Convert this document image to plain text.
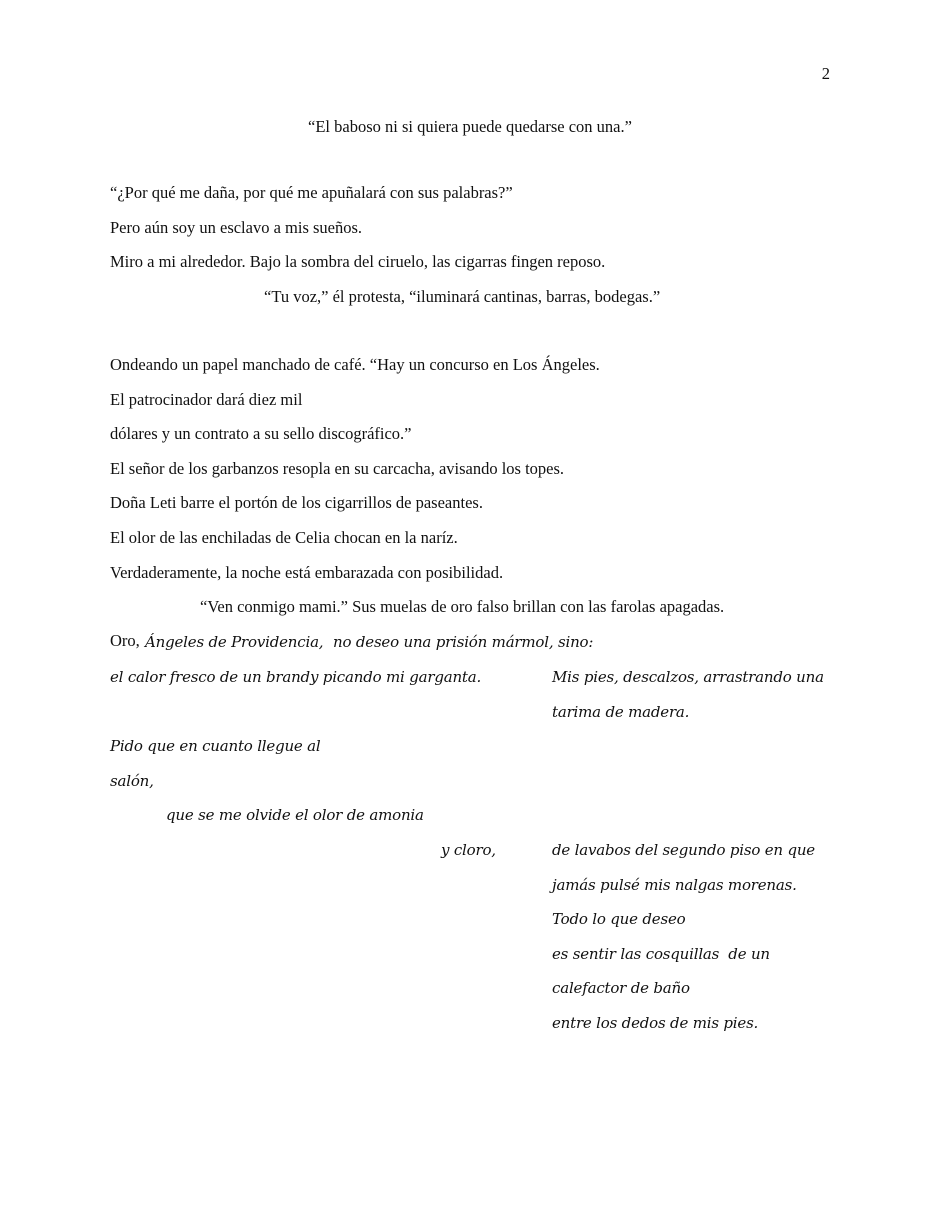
2
“El baboso ni si quiera puede quedarse con una.”
“¿Por qué me daña, por qué me apuñalará con sus palabras?”
Pero aún soy un esclavo a mis sueños.
Miro a mi alrededor. Bajo la sombra del ciruelo, las cigarras fingen reposo.
“Tu voz,” él protesta, “iluminará cantinas, barras, bodegas.”
Ondeando un papel manchado de café. “Hay un concurso en Los Ángeles.
El patrocinador dará diez mil
dólares y un contrato a su sello discográfico.”
El señor de los garbanzos resopla en su carcacha, avisando los topes.
Doña Leti barre el portón de los cigarrillos de paseantes.
El olor de las enchiladas de Celia chocan en la naríz.
Verdaderamente, la noche está embarazada con posibilidad.
“Ven conmigo mami.” Sus muelas de oro falso brillan con las farolas apagadas.
Oro, Ángeles de Providencia, no deseo una prisión mármol, sino:
el calor fresco de un brandy picando mi garganta.	Mis pies, descalzos, arrastrando una
tarima de madera.
Pido que en cuanto llegue al
salón,
que se me olvide el olor de amonia
y cloro,	de lavabos del segundo piso en que
jamás pulsé mis nalgas morenas.
Todo lo que deseo
es sentir las cosquillas  de un
calefactor de baño
entre los dedos de mis pies.
